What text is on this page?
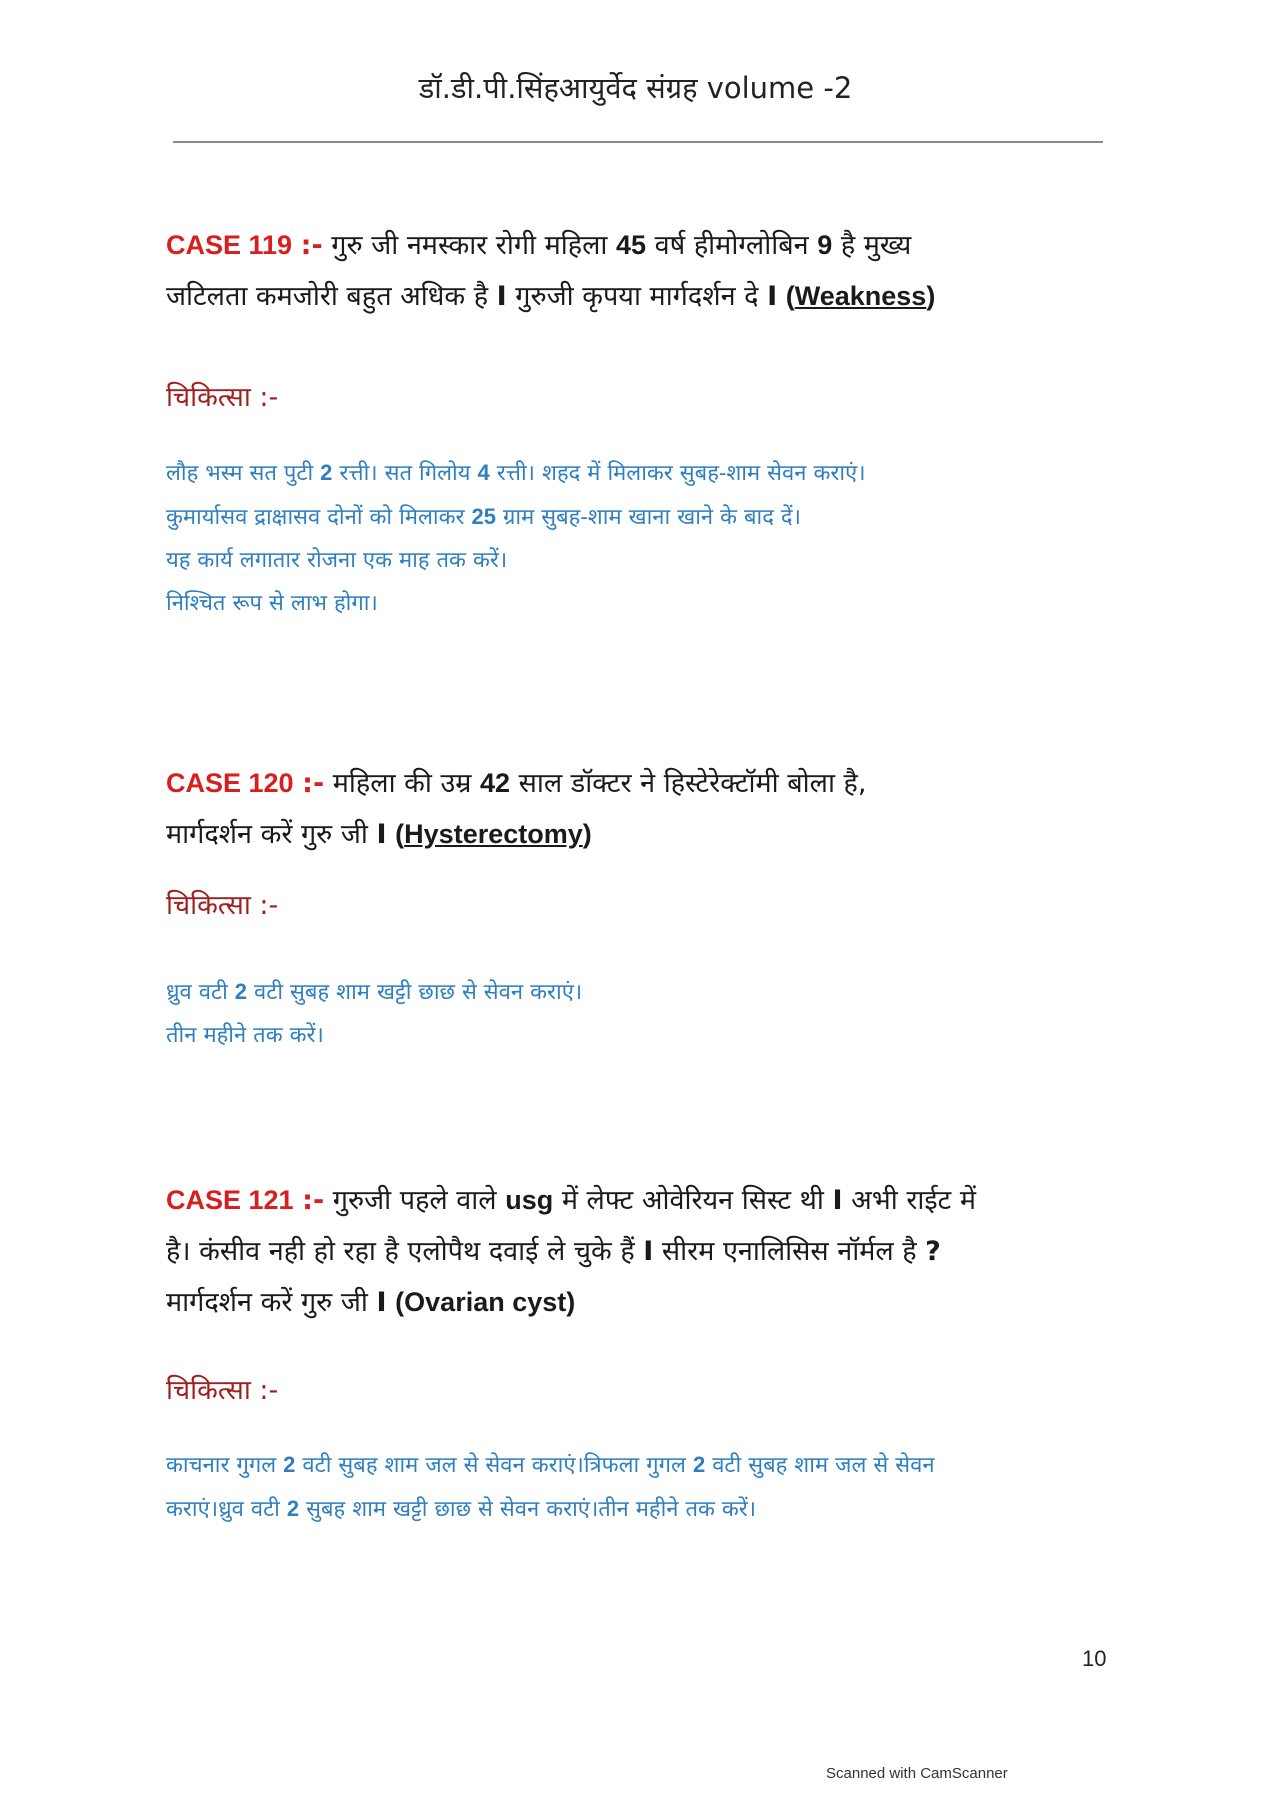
डॉ.डी.पी.सिंहआयुर्वेद संग्रह volume -2
CASE 119 :- गुरु जी नमस्कार रोगी महिला 45 वर्ष हीमोग्लोबिन 9 है मुख्य
जटिलता कमजोरी बहुत अधिक है I गुरुजी कृपया मार्गदर्शन दे I (Weakness)
चिकित्सा :-

लौह भस्म सत पुटी 2 रत्ती। सत गिलोय 4 रत्ती। शहद में मिलाकर सुबह-शाम सेवन कराएं।

कुमार्यासव द्राक्षासव दोनों को मिलाकर 25 ग्राम सुबह-शाम खाना खाने के बाद दें।

यह कार्य लगातार रोजना एक माह तक करें।

निश्चित रूप से लाभ होगा।

CASE 120 :- महिला की उम्र 42 साल डॉक्टर ने हिस्टेरेक्टॉमी बोला है,
मार्गदर्शन करें गुरु जी I (Hysterectomy)
चिकित्सा :-

ध्रुव वटी 2 वटी सुबह शाम खट्टी छाछ से सेवन कराएं।

तीन महीने तक करें।

CASE 121 :- गुरुजी पहले वाले usg में लेफ्ट ओवेरियन सिस्ट थी I अभी राईट में
है। कंसीव नही हो रहा है एलोपैथ दवाई ले चुके हैं I सीरम एनालिसिस नॉर्मल है ?
मार्गदर्शन करें गुरु जी I (Ovarian cyst)
चिकित्सा :-

काचनार गुगल 2 वटी सुबह शाम जल से सेवन कराएं।त्रिफला गुगल 2 वटी सुबह शाम जल से सेवन

कराएं।ध्रुव वटी 2 सुबह शाम खट्टी छाछ से सेवन कराएं।तीन महीने तक करें।

10
Scanned with CamScanner
